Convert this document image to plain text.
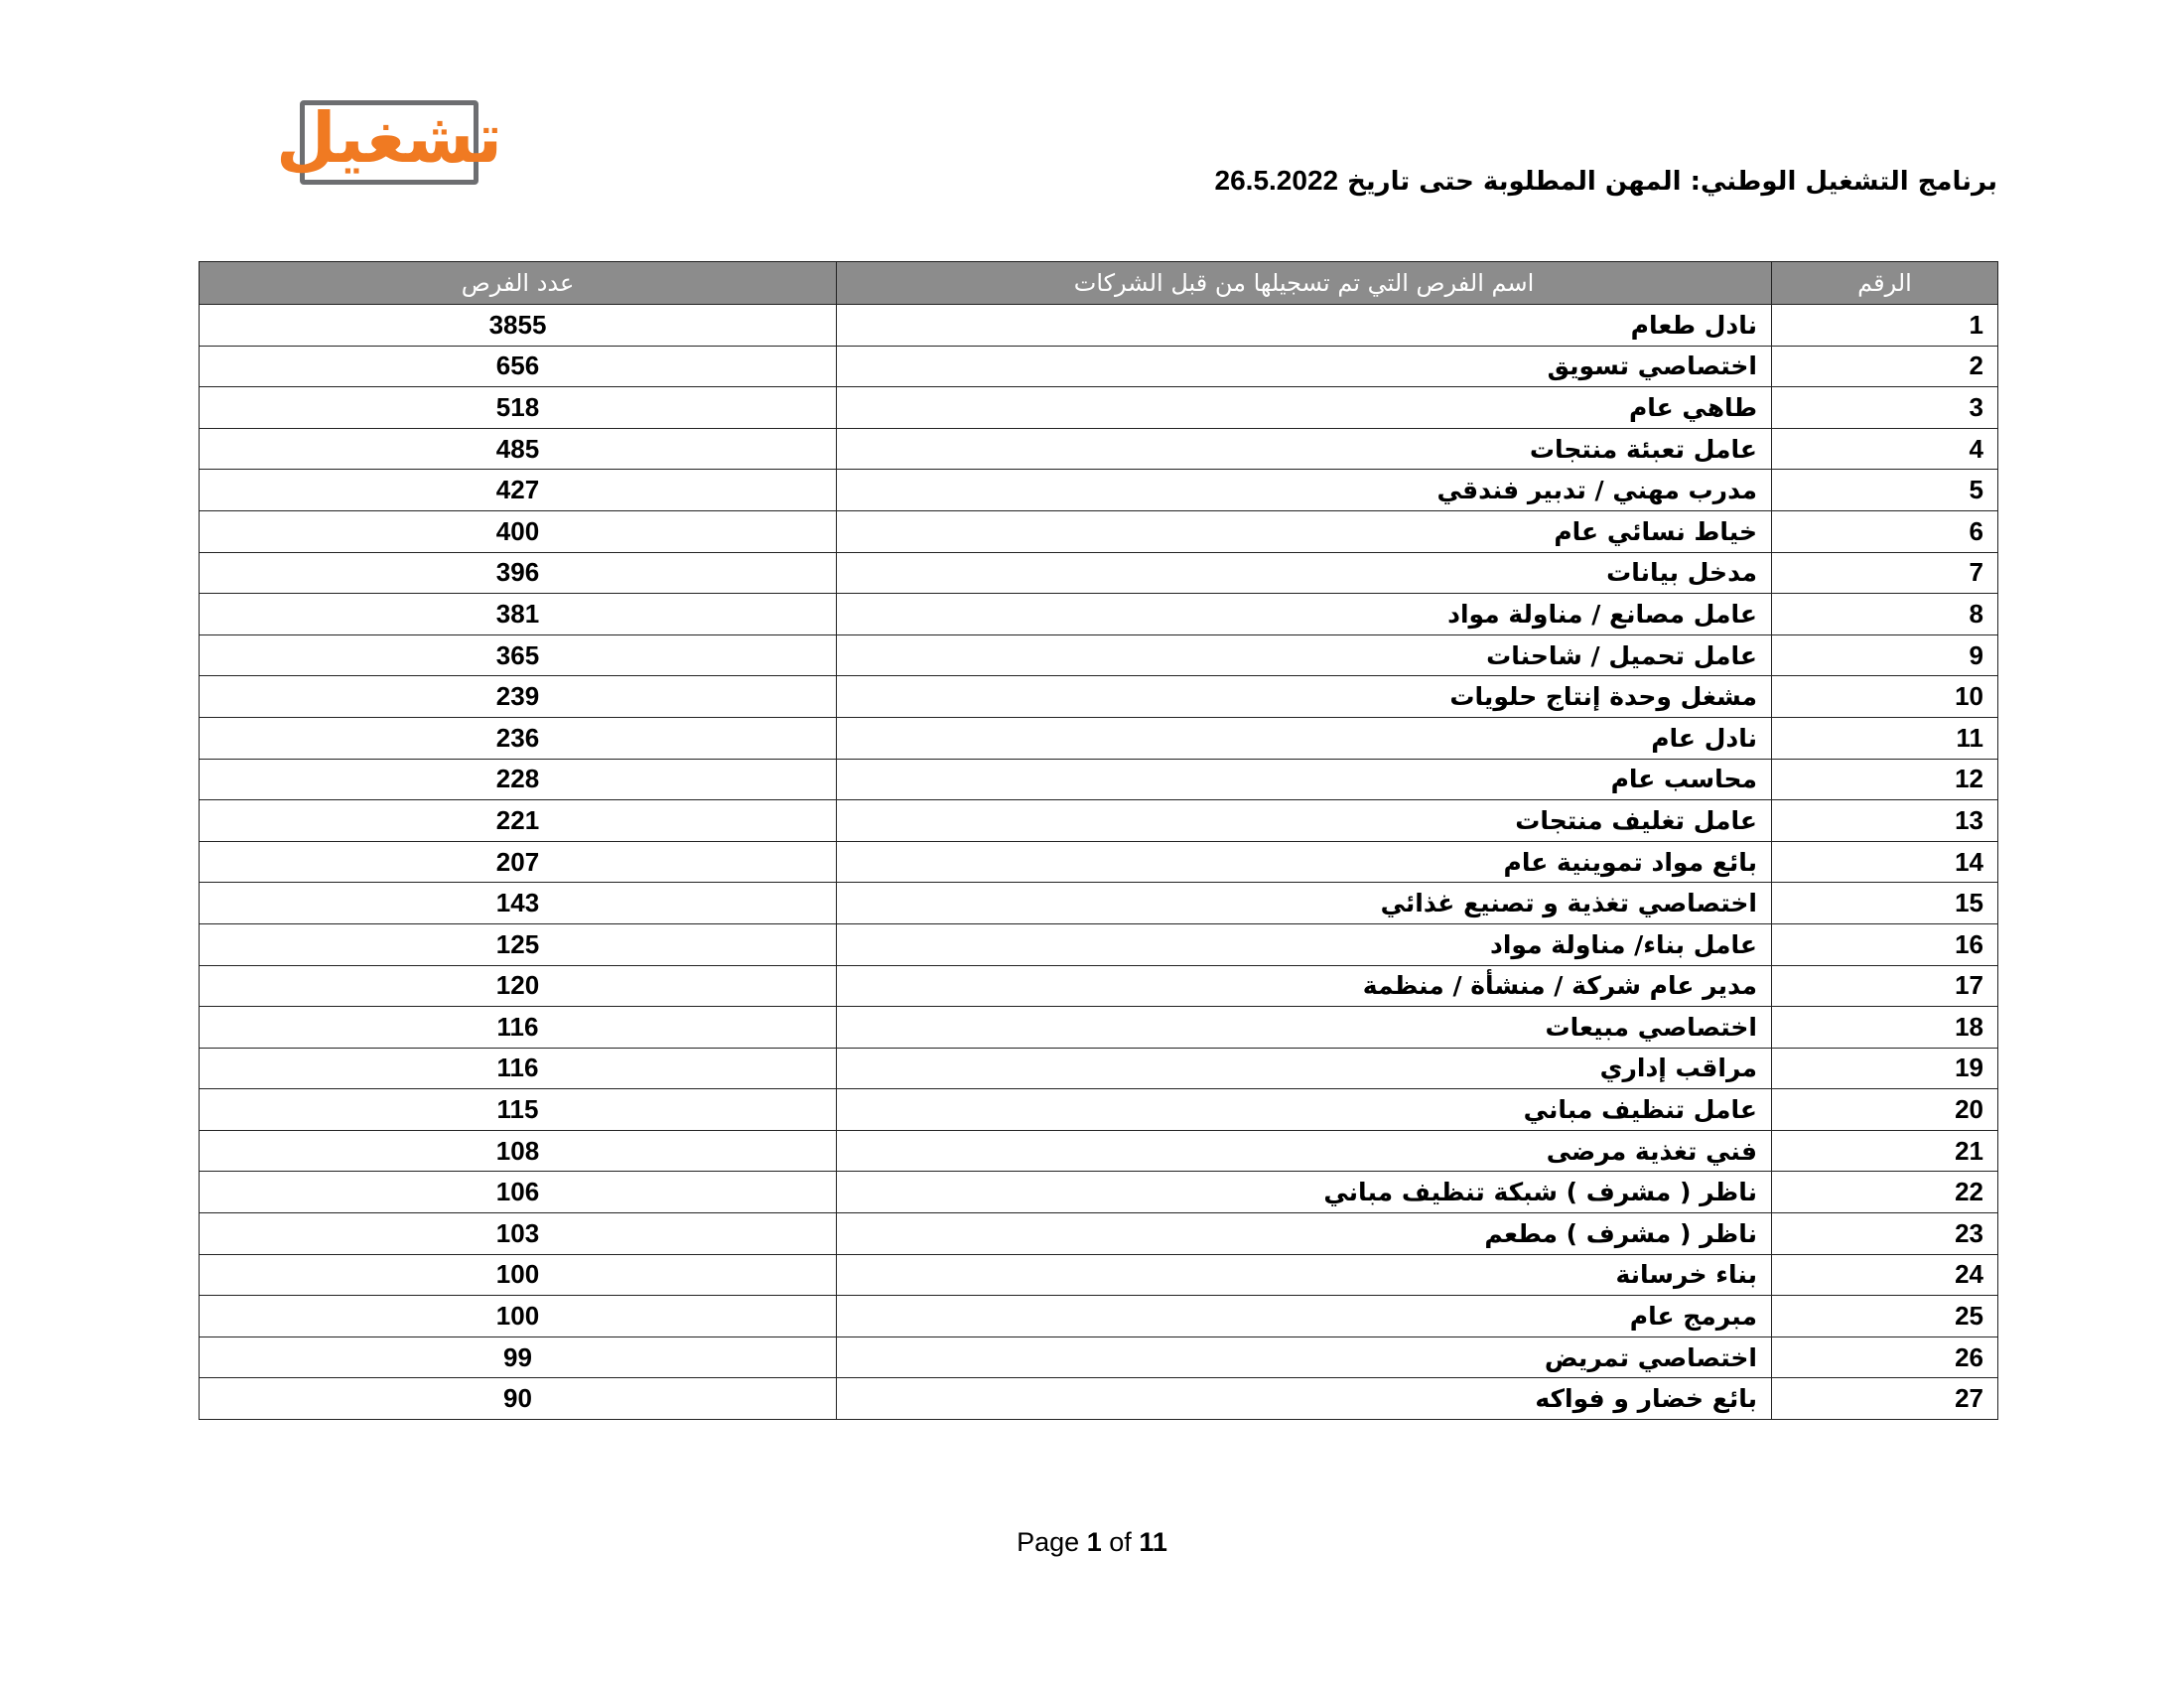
تشغيل
برنامج التشغيل الوطني: المهن المطلوبة حتى تاريخ 26.5.2022
الرقم	اسم الفرص التي تم تسجيلها من قبل الشركات	عدد الفرص
1	نادل طعام	3855
2	اختصاصي تسويق	656
3	طاهي عام	518
4	عامل تعبئة منتجات	485
5	مدرب مهني / تدبير فندقي	427
6	خياط نسائي عام	400
7	مدخل بيانات	396
8	عامل مصانع / مناولة مواد	381
9	عامل تحميل / شاحنات	365
10	مشغل وحدة إنتاج حلويات	239
11	نادل عام	236
12	محاسب عام	228
13	عامل تغليف منتجات	221
14	بائع مواد تموينية عام	207
15	اختصاصي تغذية و تصنيع غذائي	143
16	عامل بناء/ مناولة مواد	125
17	مدير عام شركة / منشأة / منظمة	120
18	اختصاصي مبيعات	116
19	مراقب إداري	116
20	عامل تنظيف مباني	115
21	فني تغذية مرضى	108
22	ناظر ( مشرف ) شبكة تنظيف مباني	106
23	ناظر ( مشرف ) مطعم	103
24	بناء خرسانة	100
25	مبرمج عام	100
26	اختصاصي تمريض	99
27	بائع خضار و فواكه	90
Page 1 of 11
